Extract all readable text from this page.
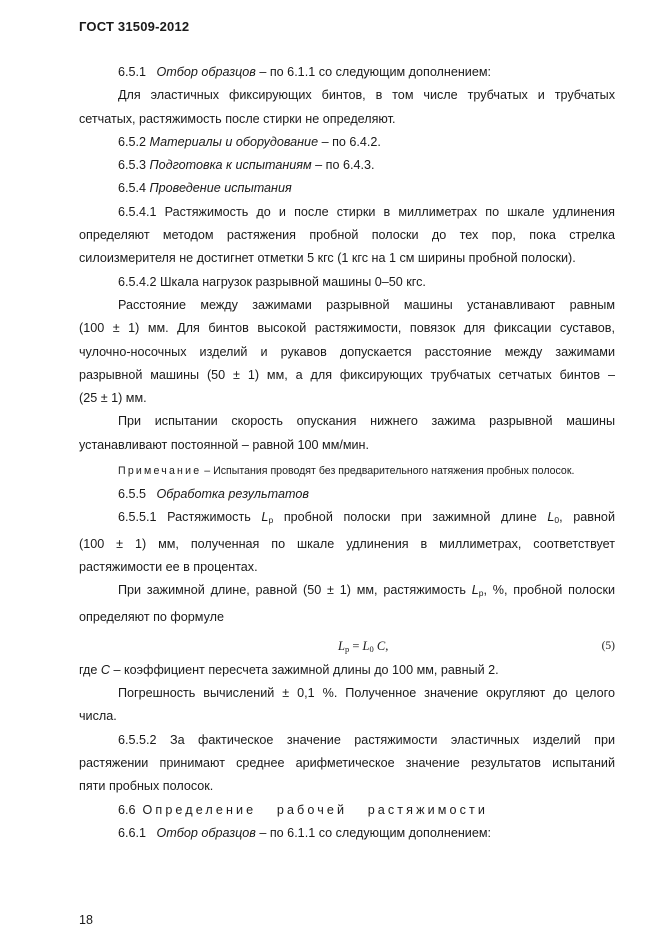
ГОСТ 31509-2012

6.5.1 Отбор образцов – по 6.1.1 со следующим дополнением:

Для эластичных фиксирующих бинтов, в том числе трубчатых и трубчатых

сетчатых, растяжимость после стирки не определяют.

6.5.2 Материалы и оборудование – по 6.4.2.

6.5.3 Подготовка к испытаниям – по 6.4.3.

6.5.4 Проведение испытания

6.5.4.1 Растяжимость до и после стирки в миллиметрах по шкале удлинения
определяют методом растяжения пробной полоски до тех пор, пока стрелка
силоизмерителя не достигнет отметки 5 кгс (1 кгс на 1 см ширины пробной полоски).

6.5.4.2 Шкала нагрузок разрывной машины 0–50 кгс.

Расстояние между зажимами разрывной машины устанавливают равным
(100 ± 1) мм. Для бинтов высокой растяжимости, повязок для фиксации суставов,
чулочно-носочных изделий и рукавов допускается расстояние между зажимами
разрывной машины (50 ± 1) мм, а для фиксирующих трубчатых сетчатых бинтов –
(25 ± 1) мм.
При испытании скорость опускания нижнего зажима разрывной машины
устанавливают постоянной – равной 100 мм/мин.

Примечание – Испытания проводят без предварительного натяжения пробных полосок.

6.5.5 Обработка результатов

6.5.5.1 Растяжимость $L_р$ пробной полоски при зажимной длине $L_0$, равной
(100 ± 1) мм, полученная по шкале удлинения в миллиметрах, соответствует
растяжимости ее в процентах.
При зажимной длине, равной (50 ± 1) мм, растяжимость $L_р$, %, пробной полоски
определяют по формуле
$L_р = L_0$ C,	(5)

где C – коэффициент пересчета зажимной длины до 100 мм, равный 2.

Погрешность вычислений ± 0,1 %. Полученное значение округляют до целого
числа.
6.5.5.2 За фактическое значение растяжимости эластичных изделий при
растяжении принимают среднее арифметическое значение результатов испытаний
пяти пробных полосок.

6.6 Определение рабочей растяжимости

6.6.1 Отбор образцов – по 6.1.1 со следующим дополнением:

18
